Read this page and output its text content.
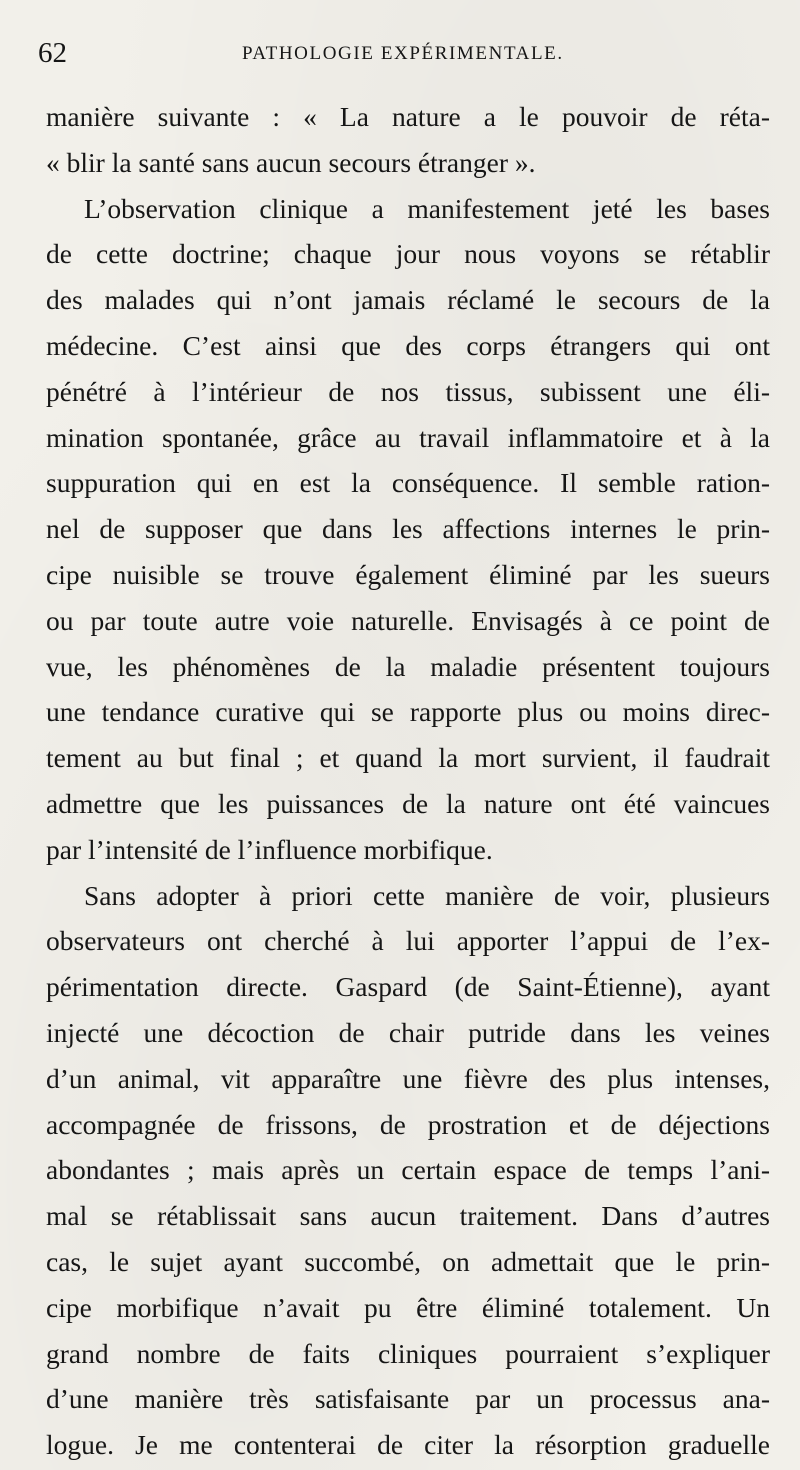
62	PATHOLOGIE EXPÉRIMENTALE.
manière suivante : « La nature a le pouvoir de réta-
« blir la santé sans aucun secours étranger ».
L’observation clinique a manifestement jeté les bases
de cette doctrine; chaque jour nous voyons se rétablir
des malades qui n’ont jamais réclamé le secours de la
médecine. C’est ainsi que des corps étrangers qui ont
pénétré à l’intérieur de nos tissus, subissent une éli-
mination spontanée, grâce au travail inflammatoire et à la
suppuration qui en est la conséquence. Il semble ration-
nel de supposer que dans les affections internes le prin-
cipe nuisible se trouve également éliminé par les sueurs
ou par toute autre voie naturelle. Envisagés à ce point de
vue, les phénomènes de la maladie présentent toujours
une tendance curative qui se rapporte plus ou moins direc-
tement au but final ; et quand la mort survient, il faudrait
admettre que les puissances de la nature ont été vaincues
par l’intensité de l’influence morbifique.
Sans adopter à priori cette manière de voir, plusieurs
observateurs ont cherché à lui apporter l’appui de l’ex-
périmentation directe. Gaspard (de Saint-Étienne), ayant
injecté une décoction de chair putride dans les veines
d’un animal, vit apparaître une fièvre des plus intenses,
accompagnée de frissons, de prostration et de déjections
abondantes ; mais après un certain espace de temps l’ani-
mal se rétablissait sans aucun traitement. Dans d’autres
cas, le sujet ayant succombé, on admettait que le prin-
cipe morbifique n’avait pu être éliminé totalement. Un
grand nombre de faits cliniques pourraient s’expliquer
d’une manière très satisfaisante par un processus ana-
logue. Je me contenterai de citer la résorption graduelle
